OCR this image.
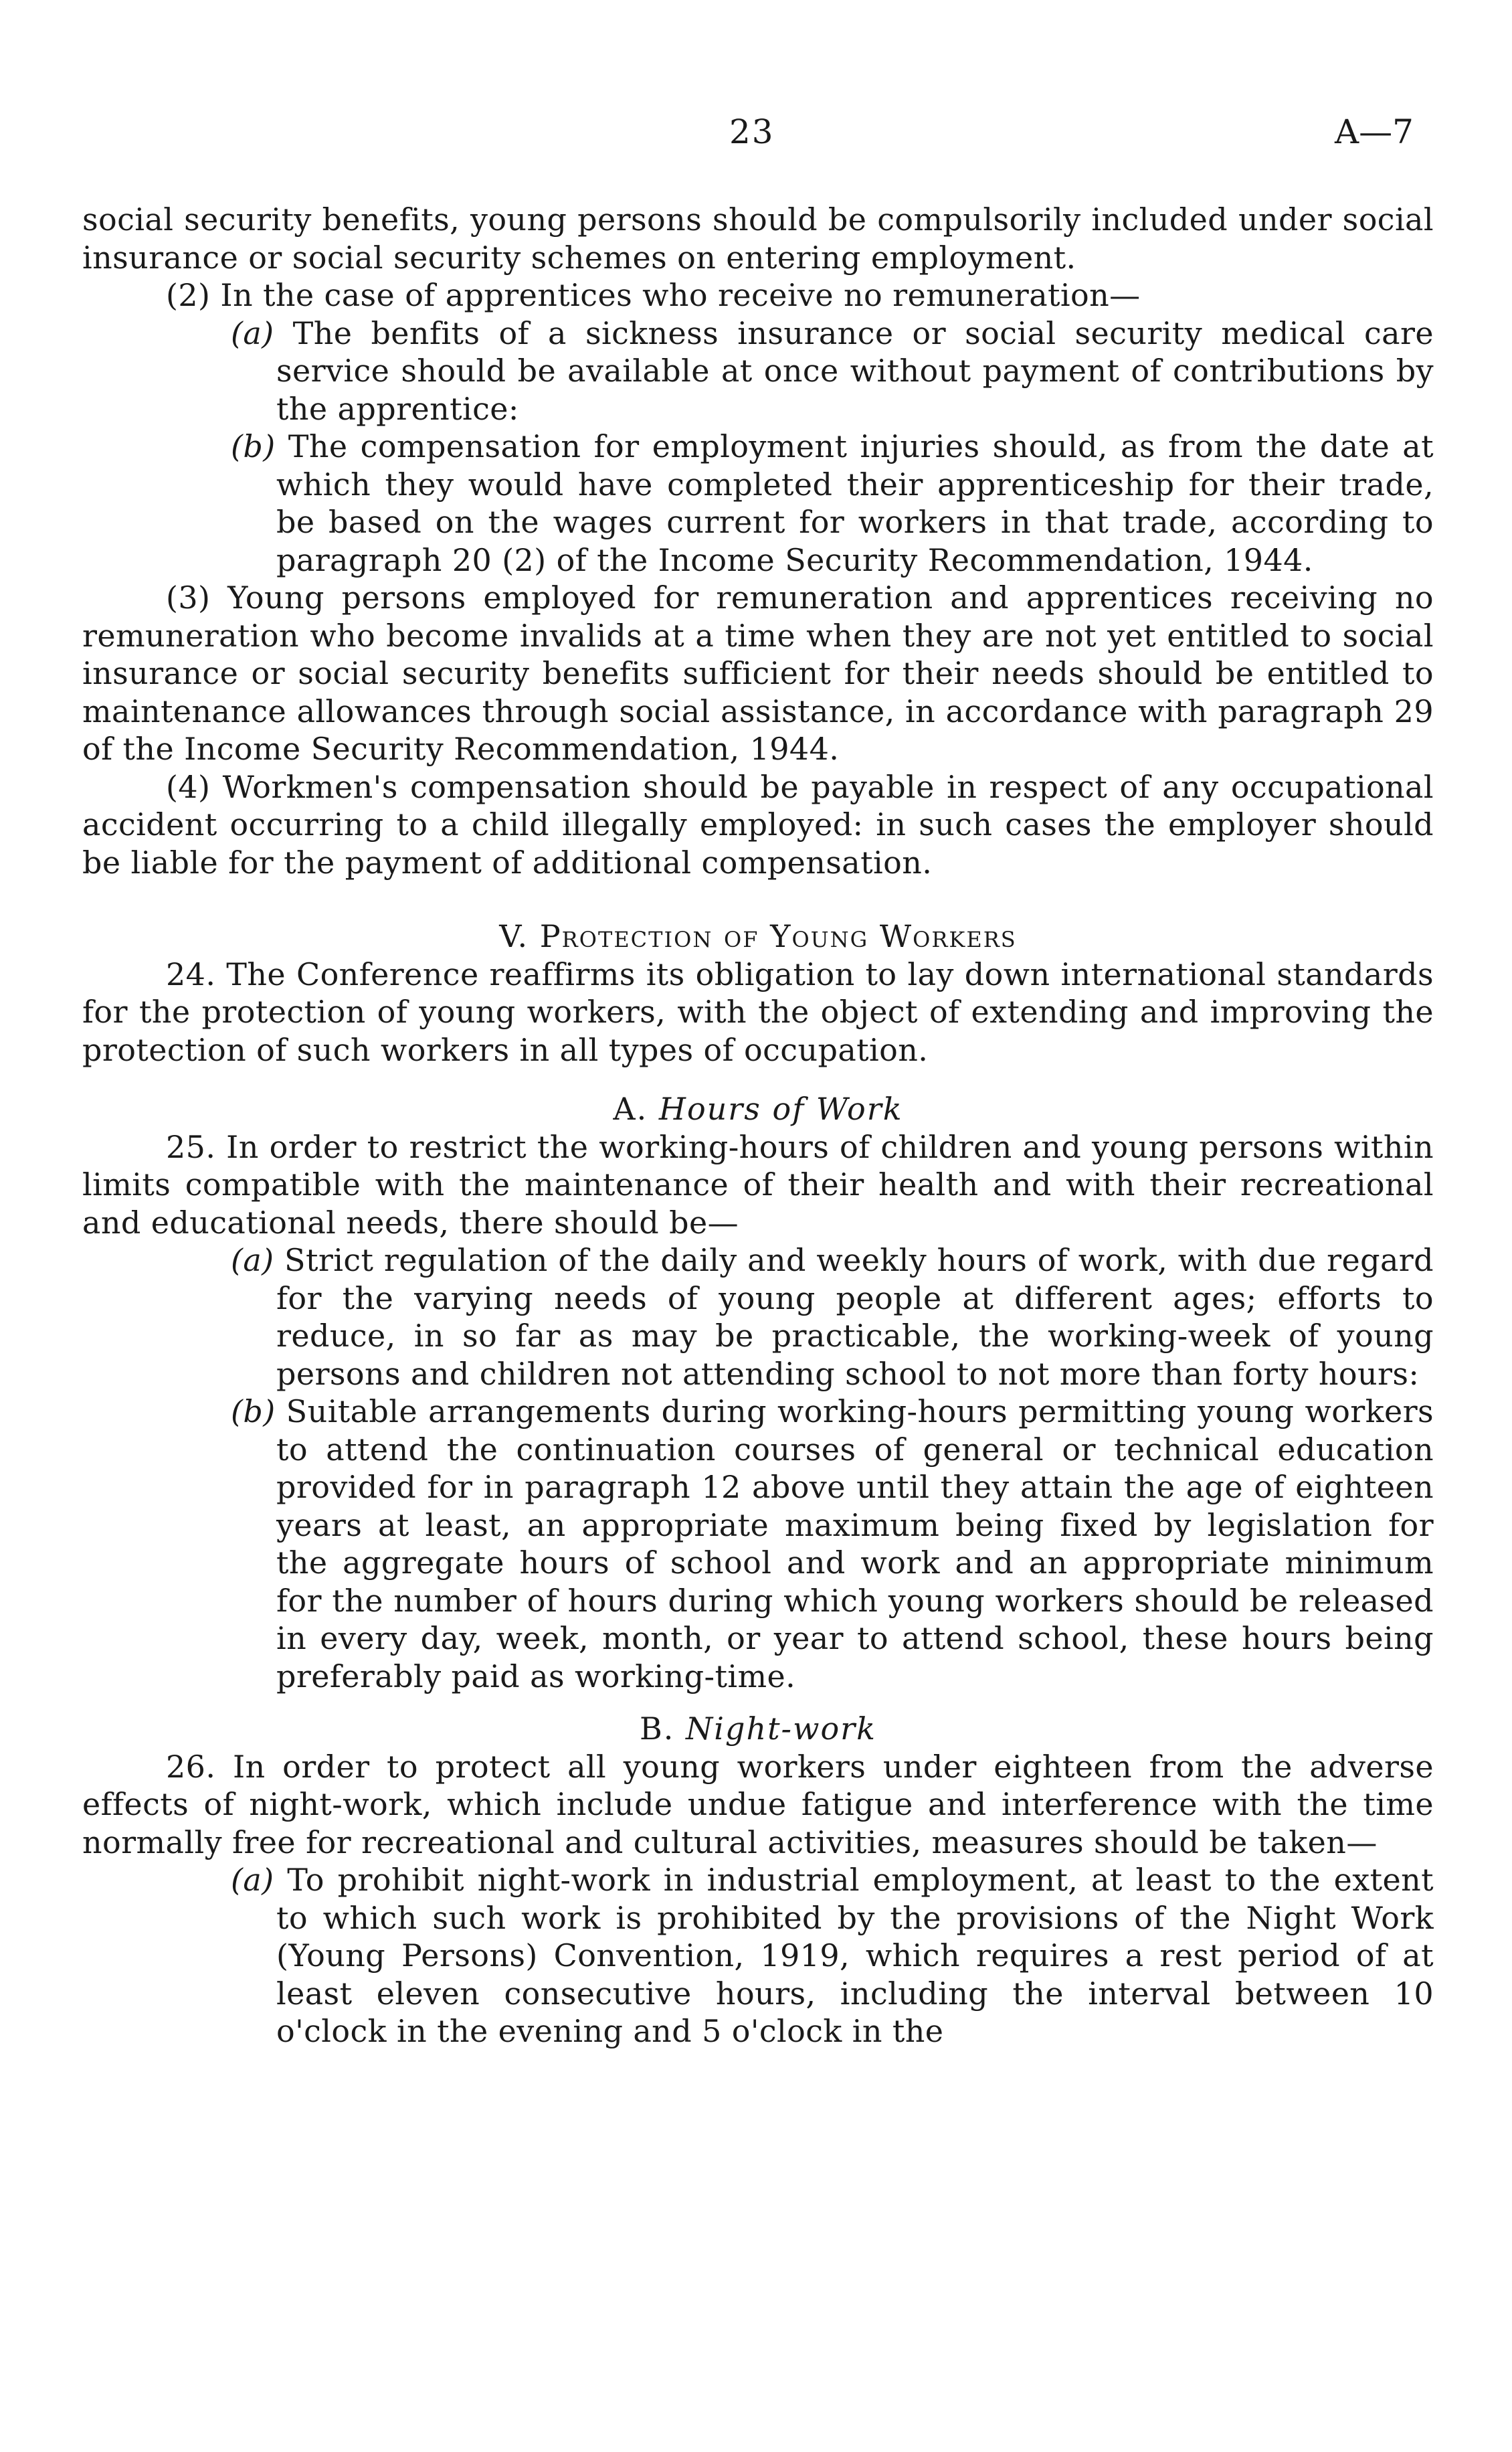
23	A—7

social security benefits, young persons should be compulsorily included under social insurance or social security schemes on entering employment.

(2) In the case of apprentices who receive no remuneration—

(a) The benfits of a sickness insurance or social security medical care service should be available at once without payment of contributions by the apprentice:

(b) The compensation for employment injuries should, as from the date at which they would have completed their apprenticeship for their trade, be based on the wages current for workers in that trade, according to paragraph 20 (2) of the Income Security Recommendation, 1944.

(3) Young persons employed for remuneration and apprentices receiving no remuneration who become invalids at a time when they are not yet entitled to social insurance or social security benefits sufficient for their needs should be entitled to maintenance allowances through social assistance, in accordance with paragraph 29 of the Income Security Recommendation, 1944.

(4) Workmen's compensation should be payable in respect of any occupational accident occurring to a child illegally employed: in such cases the employer should be liable for the payment of additional compensation.

V. Protection of Young Workers

24. The Conference reaffirms its obligation to lay down international standards for the protection of young workers, with the object of extending and improving the protection of such workers in all types of occupation.

A. Hours of Work

25. In order to restrict the working-hours of children and young persons within limits compatible with the maintenance of their health and with their recreational and educational needs, there should be—

(a) Strict regulation of the daily and weekly hours of work, with due regard for the varying needs of young people at different ages; efforts to reduce, in so far as may be practicable, the working-week of young persons and children not attending school to not more than forty hours:

(b) Suitable arrangements during working-hours permitting young workers to attend the continuation courses of general or technical education provided for in paragraph 12 above until they attain the age of eighteen years at least, an appropriate maximum being fixed by legislation for the aggregate hours of school and work and an appropriate minimum for the number of hours during which young workers should be released in every day, week, month, or year to attend school, these hours being preferably paid as working-time.

B. Night-work

26. In order to protect all young workers under eighteen from the adverse effects of night-work, which include undue fatigue and interference with the time normally free for recreational and cultural activities, measures should be taken—

(a) To prohibit night-work in industrial employment, at least to the extent to which such work is prohibited by the provisions of the Night Work (Young Persons) Convention, 1919, which requires a rest period of at least eleven consecutive hours, including the interval between 10 o'clock in the evening and 5 o'clock in the
